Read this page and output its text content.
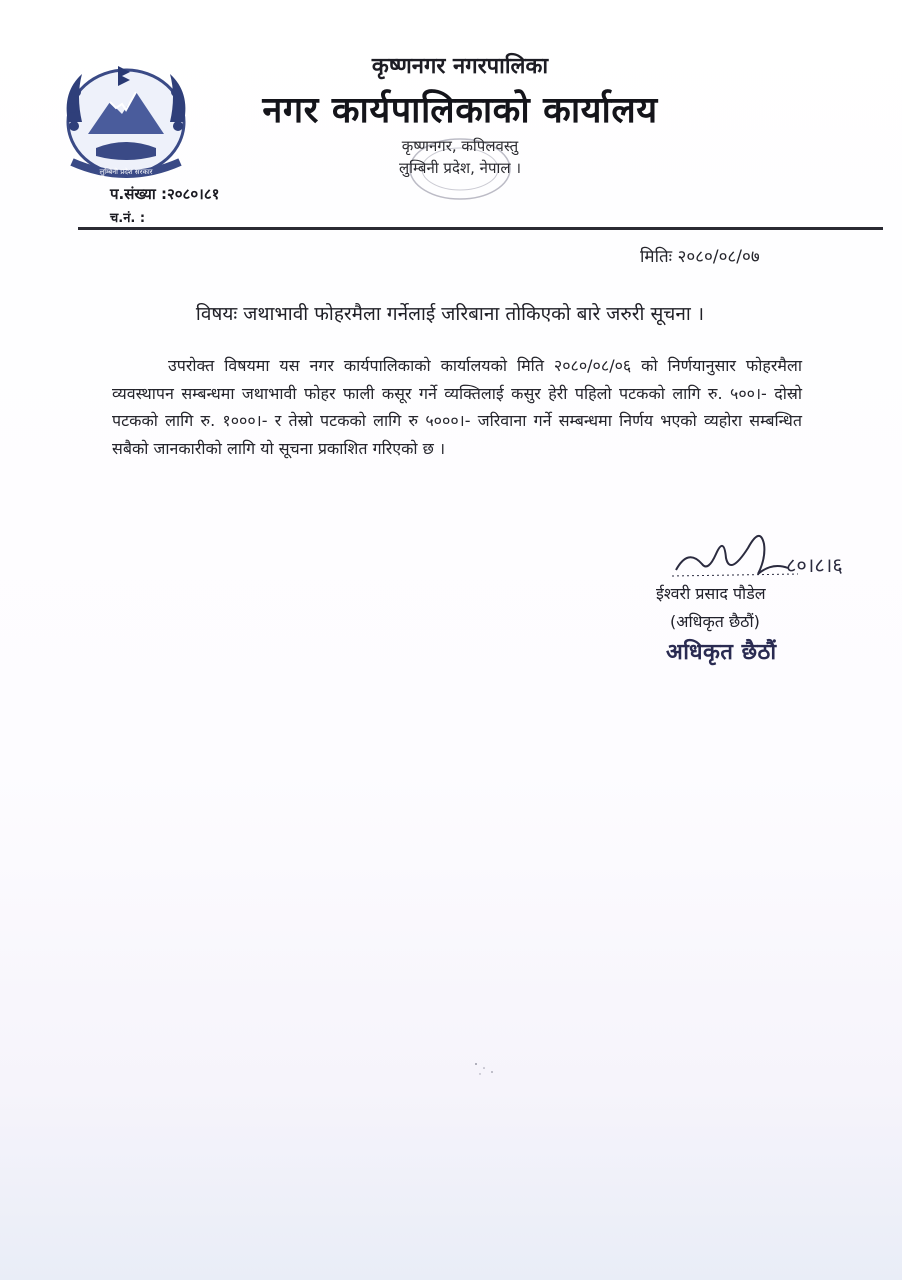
लुम्बिनी प्रदेश सरकार
कृष्णनगर नगरपालिका
नगर कार्यपालिकाको कार्यालय
कृष्णनगर, कपिलवस्तु
लुम्बिनी प्रदेश, नेपाल ।
प.संख्या :२०८०।८१
च.नं. :
मितिः २०८०/०८/०७
विषयः जथाभावी फोहरमैला गर्नेलाई जरिबाना तोकिएको बारे जरुरी सूचना ।
उपरोक्त विषयमा यस नगर कार्यपालिकाको कार्यालयको मिति २०८०/०८/०६ को निर्णयानुसार फोहरमैला व्यवस्थापन सम्बन्धमा जथाभावी फोहर फाली कसूर गर्ने व्यक्तिलाई कसुर हेरी पहिलो पटकको लागि रु. ५००।- दोस्रो पटकको लागि रु. १०००।- र तेस्रो पटकको लागि रु ५०००।- जरिवाना गर्ने सम्बन्धमा निर्णय भएको व्यहोरा सम्बन्धित सबैको जानकारीको लागि यो सूचना प्रकाशित गरिएको छ ।
८०।८।६
ईश्वरी प्रसाद पौडेल
(अधिकृत छैठौं)
अधिकृत छैठौं
